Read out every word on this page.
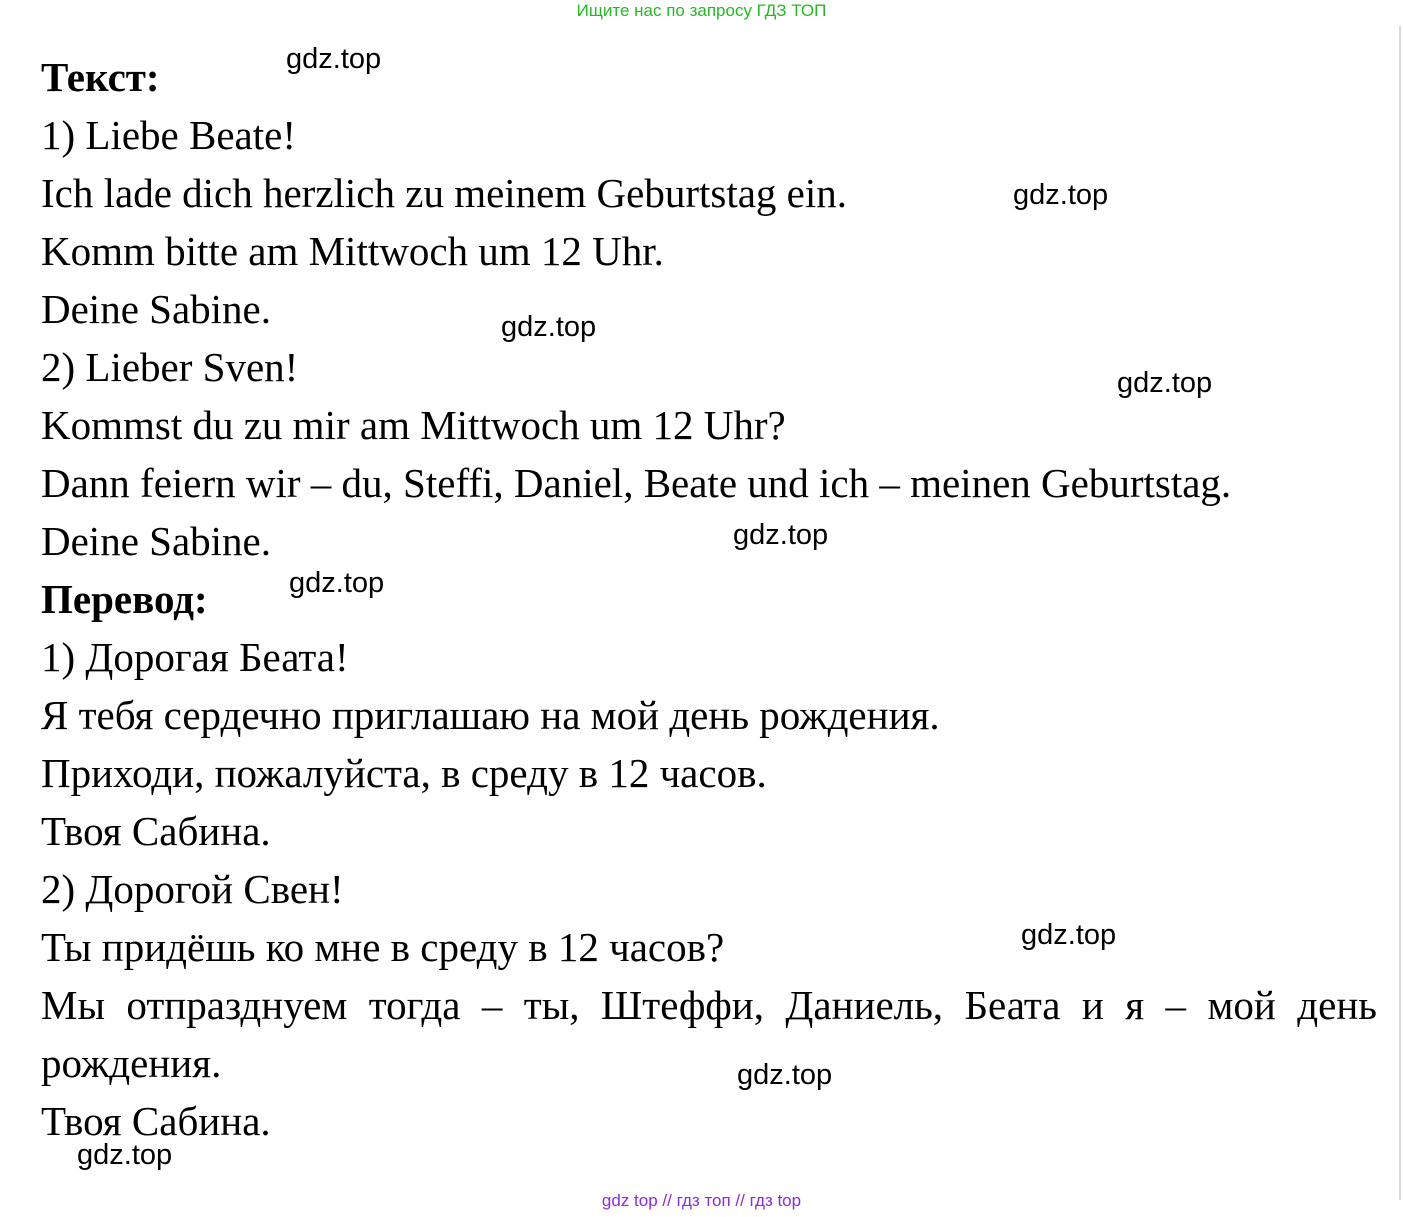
Ищите нас по запросу ГДЗ ТОП
Текст:
1) Liebe Beate!
Ich lade dich herzlich zu meinem Geburtstag ein.
Komm bitte am Mittwoch um 12 Uhr.
Deine Sabine.
2) Lieber Sven!
Kommst du zu mir am Mittwoch um 12 Uhr?
Dann feiern wir – du, Steffi, Daniel, Beate und ich – meinen Geburtstag.
Deine Sabine.
Перевод:
1) Дорогая Беата!
Я тебя сердечно приглашаю на мой день рождения.
Приходи, пожалуйста, в среду в 12 часов.
Твоя Сабина.
2) Дорогой Свен!
Ты придёшь ко мне в среду в 12 часов?
Мы отпразднуем тогда – ты, Штеффи, Даниель, Беата и я – мой день
рождения.
Твоя Сабина.
gdz.top
gdz.top
gdz.top
gdz.top
gdz.top
gdz.top
gdz.top
gdz.top
gdz.top
gdz top // гдз топ // гдз top
